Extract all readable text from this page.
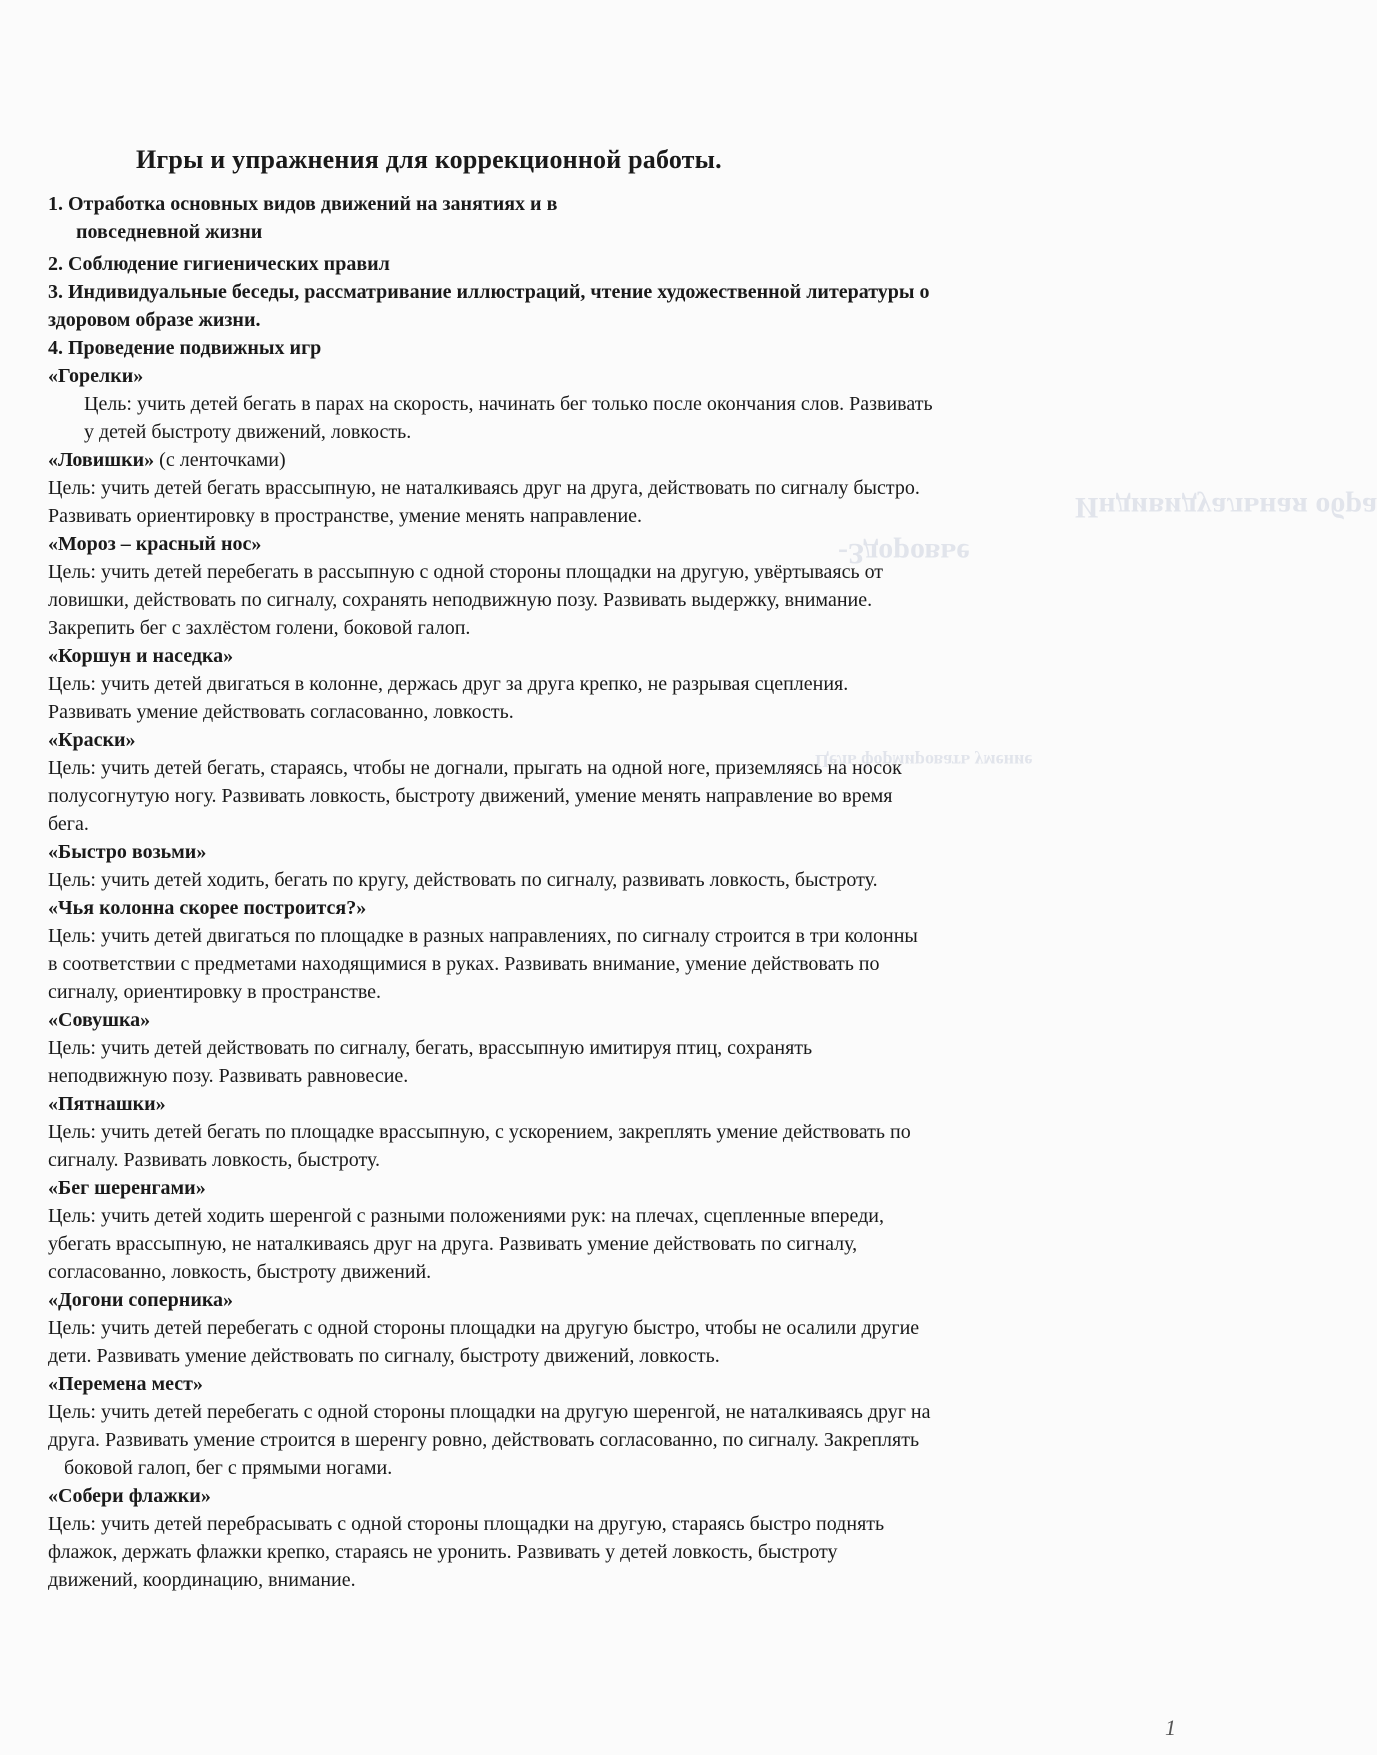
Индивидуальная обра
-Здоровье
Цель формировать умение
Игры и упражнения для коррекционной работы.
1. Отработка основных видов движений на занятиях и в
повседневной жизни
2. Соблюдение гигиенических правил
3. Индивидуальные беседы, рассматривание иллюстраций, чтение художественной литературы о
здоровом образе жизни.
4. Проведение подвижных игр
«Горелки»
Цель: учить детей бегать в парах на скорость, начинать бег только после окончания слов. Развивать
у детей быстроту движений, ловкость.
«Ловишки» (с ленточками)
Цель: учить детей бегать врассыпную, не наталкиваясь друг на друга, действовать по сигналу быстро.
Развивать ориентировку в пространстве, умение менять направление.
«Мороз – красный нос»
Цель: учить детей перебегать в рассыпную с одной стороны площадки на другую, увёртываясь от
ловишки, действовать по сигналу, сохранять неподвижную позу. Развивать выдержку, внимание.
Закрепить бег с захлёстом голени, боковой галоп.
«Коршун и наседка»
Цель: учить детей двигаться в колонне, держась друг за друга крепко, не разрывая сцепления.
Развивать умение действовать согласованно, ловкость.
«Краски»
Цель: учить детей бегать, стараясь, чтобы не догнали, прыгать на одной ноге, приземляясь на носок
полусогнутую ногу. Развивать ловкость, быстроту движений, умение менять направление во время
бега.
«Быстро возьми»
Цель: учить детей ходить, бегать по кругу, действовать по сигналу, развивать ловкость, быстроту.
«Чья колонна скорее построится?»
Цель: учить детей двигаться по площадке в разных направлениях, по сигналу строится в три колонны
в соответствии с предметами находящимися в руках. Развивать внимание, умение действовать по
сигналу, ориентировку в пространстве.
«Совушка»
Цель: учить детей действовать по сигналу, бегать, врассыпную имитируя птиц, сохранять
неподвижную позу. Развивать равновесие.
«Пятнашки»
Цель: учить детей бегать по площадке врассыпную, с ускорением, закреплять умение действовать по
сигналу. Развивать ловкость, быстроту.
«Бег шеренгами»
Цель: учить детей ходить шеренгой с разными положениями рук: на плечах, сцепленные впереди,
убегать врассыпную, не наталкиваясь друг на друга. Развивать умение действовать по сигналу,
согласованно, ловкость, быстроту движений.
«Догони соперника»
Цель: учить детей перебегать с одной стороны площадки на другую быстро, чтобы не осалили другие
дети. Развивать умение действовать по сигналу, быстроту движений, ловкость.
«Перемена мест»
Цель: учить детей перебегать с одной стороны площадки на другую шеренгой, не наталкиваясь друг на
друга. Развивать умение строится в шеренгу ровно, действовать согласованно, по сигналу. Закреплять
боковой галоп, бег с прямыми ногами.
«Собери флажки»
Цель: учить детей перебрасывать с одной стороны площадки на другую, стараясь быстро поднять
флажок, держать флажки крепко, стараясь не уронить. Развивать у детей ловкость, быстроту
движений, координацию, внимание.
1
